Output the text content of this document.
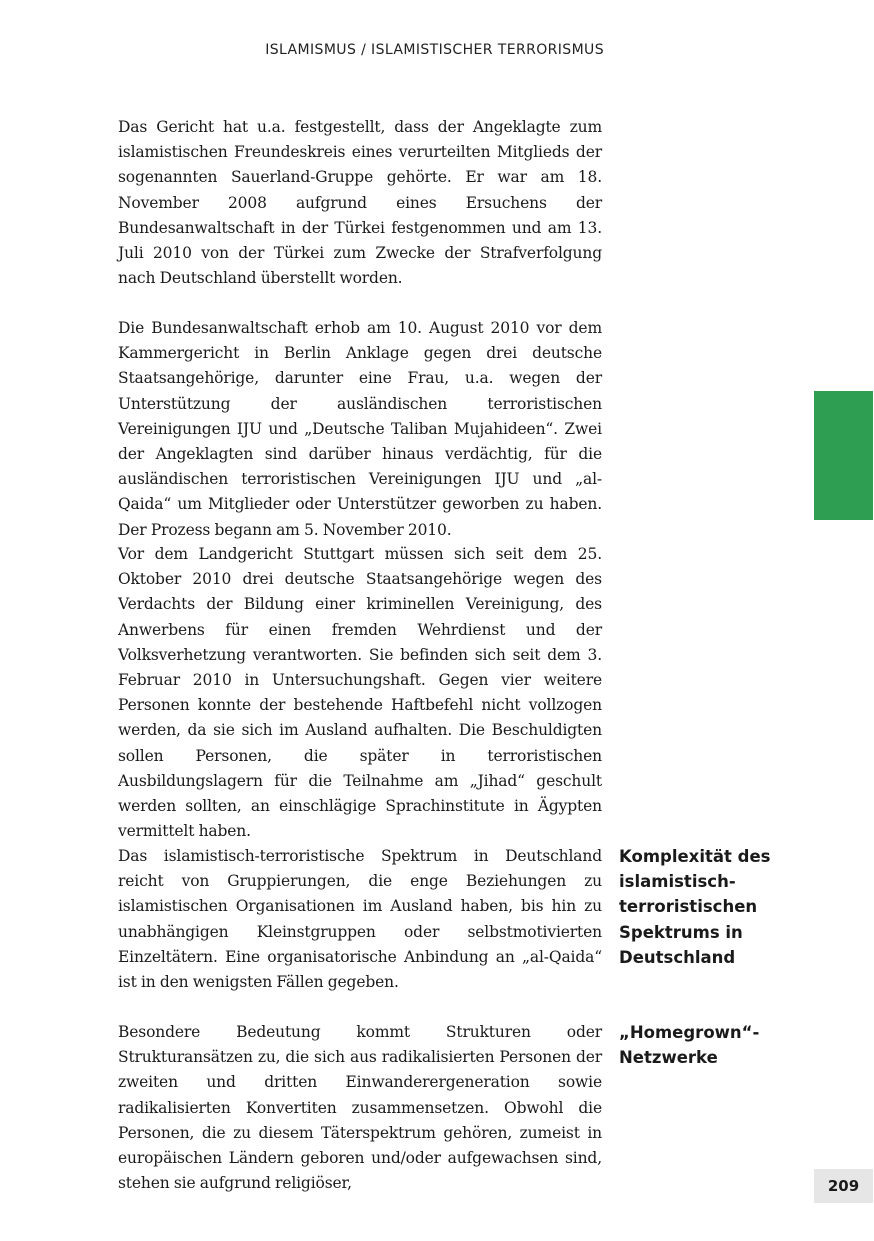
ISLAMISMUS / ISLAMISTISCHER TERRORISMUS

Das Gericht hat u.a. festgestellt, dass der Angeklagte zum islamistischen Freundeskreis eines verurteilten Mitglieds der sogenannten Sauerland-Gruppe gehörte. Er war am 18. November 2008 aufgrund eines Ersuchens der Bundesanwaltschaft in der Türkei festgenommen und am 13. Juli 2010 von der Türkei zum Zwecke der Strafverfolgung nach Deutschland überstellt worden.

Die Bundesanwaltschaft erhob am 10. August 2010 vor dem Kammergericht in Berlin Anklage gegen drei deutsche Staatsangehörige, darunter eine Frau, u.a. wegen der Unterstützung der ausländischen terroristischen Vereinigungen IJU und „Deutsche Taliban Mujahideen“. Zwei der Angeklagten sind darüber hinaus verdächtig, für die ausländischen terroristischen Vereinigungen IJU und „al-Qaida“ um Mitglieder oder Unterstützer geworben zu haben. Der Prozess begann am 5. November 2010.

Vor dem Landgericht Stuttgart müssen sich seit dem 25. Oktober 2010 drei deutsche Staatsangehörige wegen des Verdachts der Bildung einer kriminellen Vereinigung, des Anwerbens für einen fremden Wehrdienst und der Volksverhetzung verantworten. Sie befinden sich seit dem 3. Februar 2010 in Untersuchungshaft. Gegen vier weitere Personen konnte der bestehende Haftbefehl nicht vollzogen werden, da sie sich im Ausland aufhalten. Die Beschuldigten sollen Personen, die später in terroristischen Ausbildungslagern für die Teilnahme am „Jihad“ geschult werden sollten, an einschlägige Sprachinstitute in Ägypten vermittelt haben.

Das islamistisch-terroristische Spektrum in Deutschland reicht von Gruppierungen, die enge Beziehungen zu islamistischen Organisationen im Ausland haben, bis hin zu unabhängigen Kleinstgruppen oder selbstmotivierten Einzeltätern. Eine organisatorische Anbindung an „al-Qaida“ ist in den wenigsten Fällen gegeben.

Besondere Bedeutung kommt Strukturen oder Strukturansätzen zu, die sich aus radikalisierten Personen der zweiten und dritten Einwanderergeneration sowie radikalisierten Konvertiten zusammensetzen. Obwohl die Personen, die zu diesem Täterspektrum gehören, zumeist in europäischen Ländern geboren und/oder aufgewachsen sind, stehen sie aufgrund religiöser,

Komplexität des islamistisch-terroristischen Spektrums in Deutschland

„Homegrown“-Netzwerke

209
